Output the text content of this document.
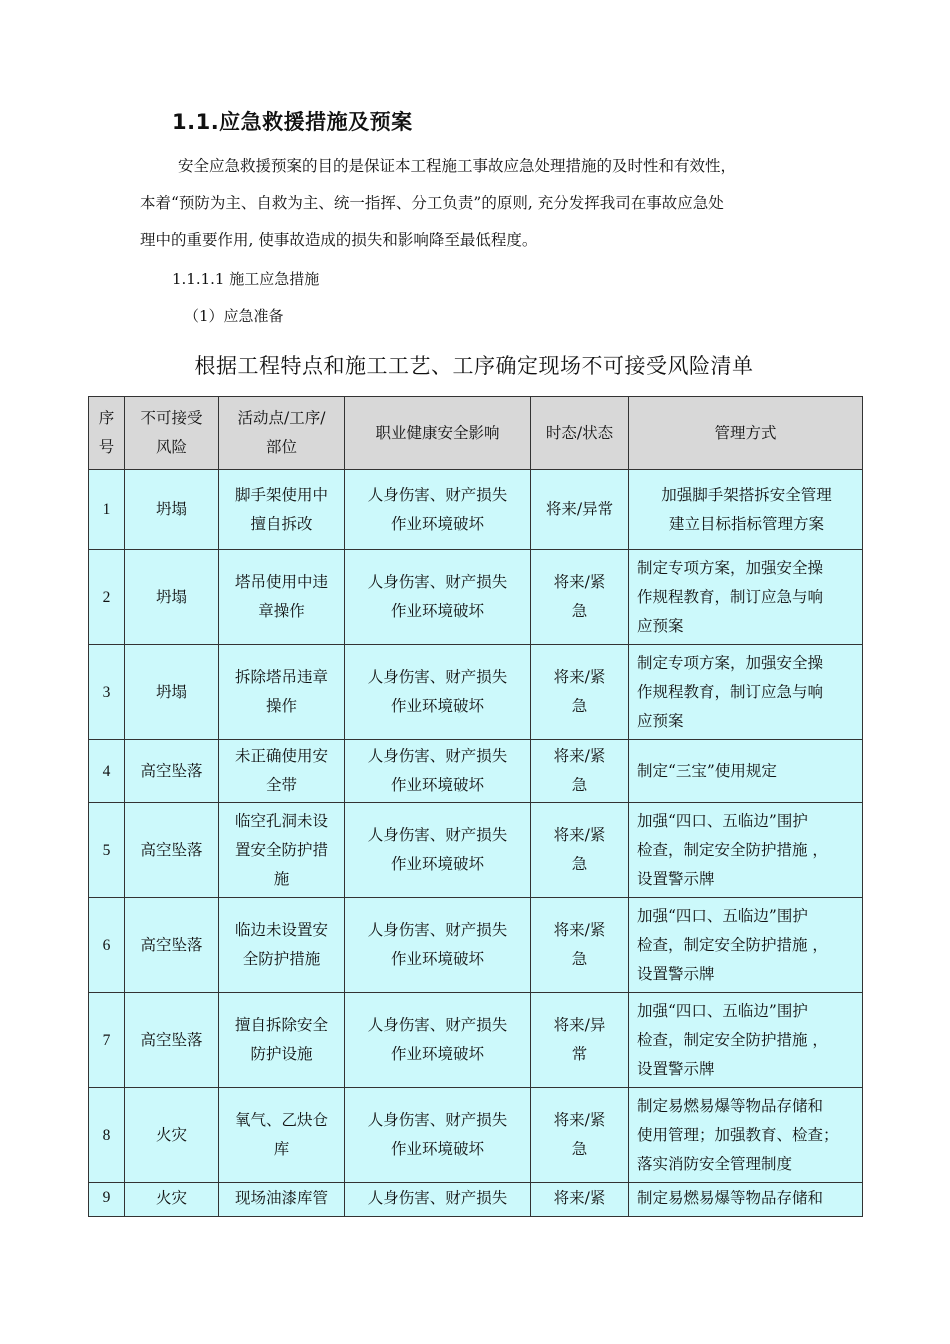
1.1.应急救援措施及预案
安全应急救援预案的目的是保证本工程施工事故应急处理措施的及时性和有效性，
本着“预防为主、自救为主、统一指挥、分工负责”的原则, 充分发挥我司在事故应急处
理中的重要作用, 使事故造成的损失和影响降至最低程度。
1.1.1.1 施工应急措施
（1）应急准备
根据工程特点和施工工艺、工序确定现场不可接受风险清单
序
号	不可接受
风险	活动点/工序/
部位	职业健康安全影响	时态/状态	管理方式
1	坍塌	脚手架使用中
擅自拆改	人身伤害、财产损失
作业环境破坏	将来/异常	加强脚手架搭拆安全管理
建立目标指标管理方案

2	坍塌	塔吊使用中违
章操作	人身伤害、财产损失
作业环境破坏	将来/紧
急	制定专项方案，加强安全操
作规程教育，制订应急与响
应预案

3	坍塌	拆除塔吊违章
操作	人身伤害、财产损失
作业环境破坏	将来/紧
急	制定专项方案，加强安全操
作规程教育，制订应急与响
应预案

4	高空坠落	未正确使用安
全带	人身伤害、财产损失
作业环境破坏	将来/紧
急	制定“三宝”使用规定

5	高空坠落	临空孔洞未设
置安全防护措
施	人身伤害、财产损失
作业环境破坏	将来/紧
急	加强“四口、五临边”围护
检查，制定安全防护措施 ，
设置警示牌

6	高空坠落	临边未设置安
全防护措施	人身伤害、财产损失
作业环境破坏	将来/紧
急	加强“四口、五临边”围护
检查，制定安全防护措施 ，
设置警示牌

7	高空坠落	擅自拆除安全
防护设施	人身伤害、财产损失
作业环境破坏	将来/异
常	加强“四口、五临边”围护
检查，制定安全防护措施 ，
设置警示牌

8	火灾	氧气、乙炔仓
库	人身伤害、财产损失
作业环境破坏	将来/紧
急	制定易燃易爆等物品存储和
使用管理；加强教育、检查；
落实消防安全管理制度

9	火灾	现场油漆库管	人身伤害、财产损失	将来/紧	制定易燃易爆等物品存储和
